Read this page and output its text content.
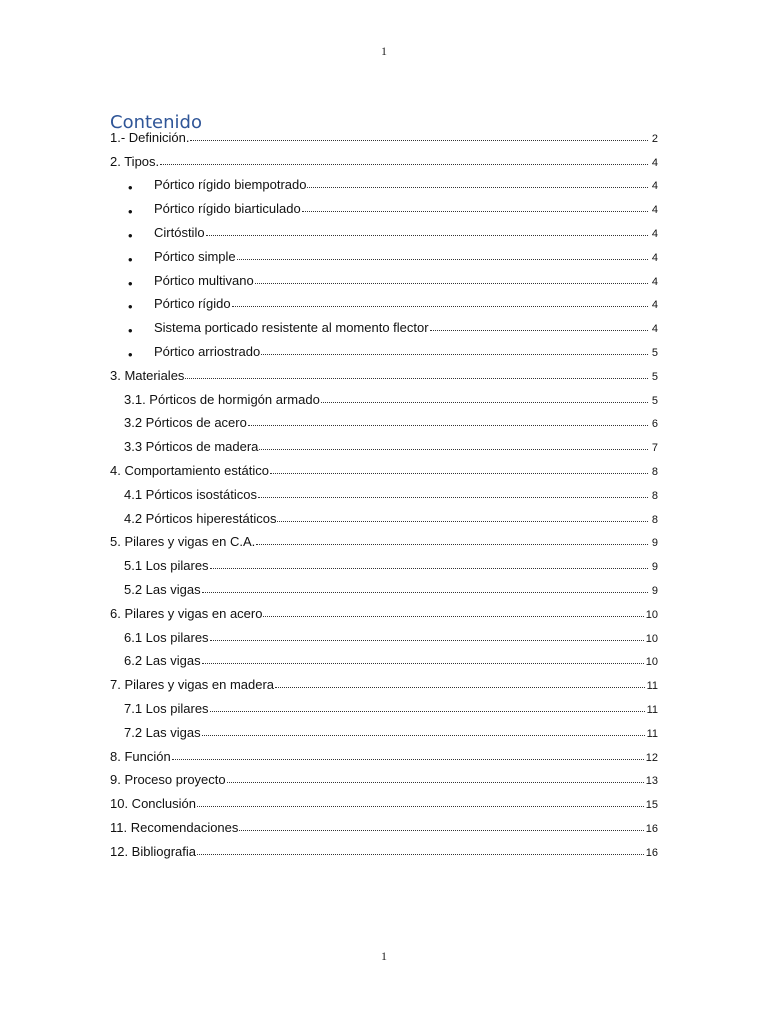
1
Contenido
1.- Definición.	2
2. Tipos.	4
•	Pórtico rígido biempotrado	4
•	Pórtico rígido biarticulado	4
•	Cirtóstilo	4
•	Pórtico simple	4
•	Pórtico multivano	4
•	Pórtico rígido	4
•	Sistema porticado resistente al momento flector	4
•	Pórtico arriostrado	5
3. Materiales	5
3.1. Pórticos de hormigón armado	5
3.2 Pórticos de acero	6
3.3 Pórticos de madera	7
4. Comportamiento estático	8
4.1 Pórticos isostáticos	8
4.2 Pórticos hiperestáticos	8
5. Pilares y vigas en C.A.	9
5.1 Los pilares	9
5.2 Las vigas	9
6. Pilares y vigas en acero	10
6.1 Los pilares	10
6.2 Las vigas	10
7. Pilares y vigas en madera	11
7.1 Los pilares	11
7.2 Las vigas	11
8. Función	12
9. Proceso proyecto	13
10. Conclusión	15
11. Recomendaciones	16
12. Bibliografia	16
1
